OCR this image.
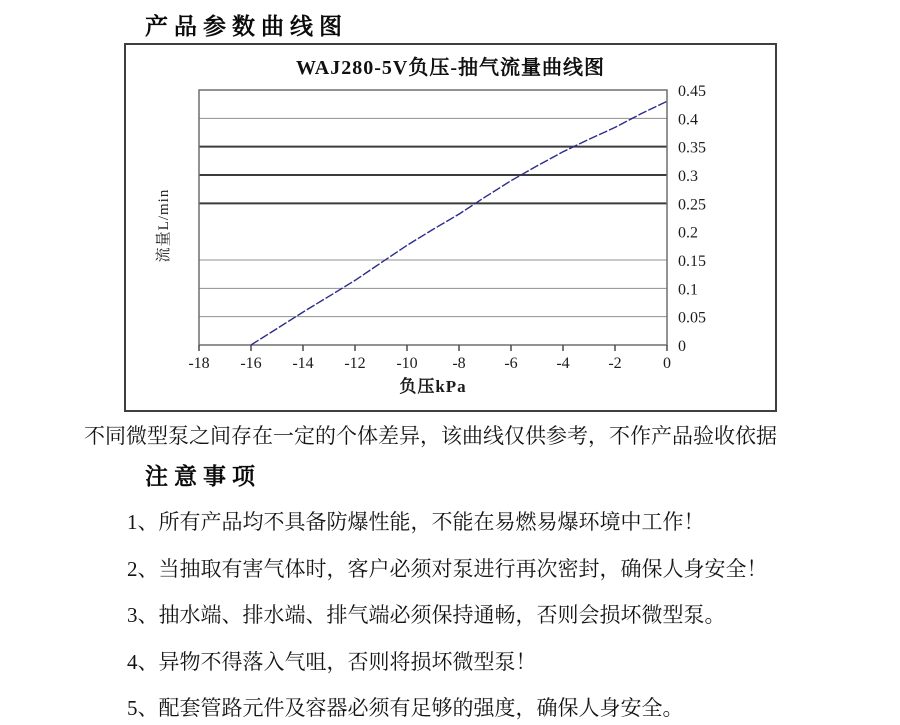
产品参数曲线图
WAJ280-5V负压-抽气流量曲线图
0
0.05
0.1
0.15
0.2
0.25
0.3
0.35
0.4
0.45
-18 -16 -14 -12 -10 -8 -6 -4 -2	0
流量L/min
负压kPa
不同微型泵之间存在一定的个体差异，该曲线仅供参考，不作产品验收依据
注意事项
1、所有产品均不具备防爆性能，不能在易燃易爆环境中工作！
2、当抽取有害气体时，客户必须对泵进行再次密封，确保人身安全！
3、抽水端、排水端、排气端必须保持通畅，否则会损坏微型泵。
4、异物不得落入气咀，否则将损坏微型泵！
5、配套管路元件及容器必须有足够的强度，确保人身安全。
